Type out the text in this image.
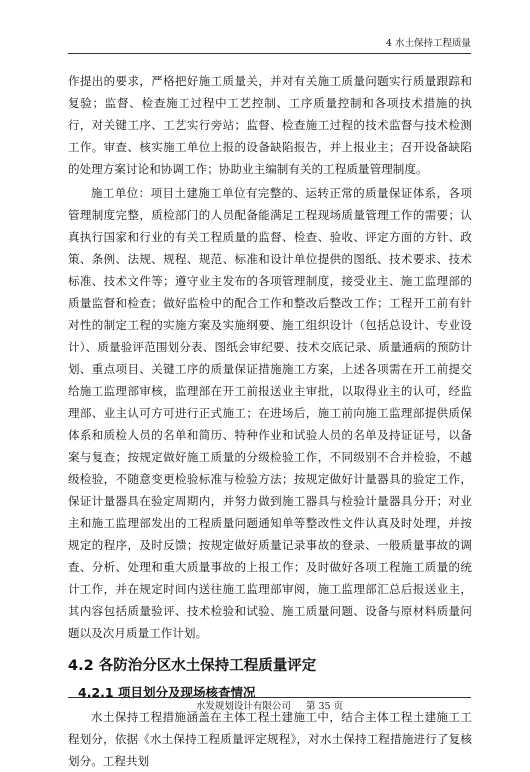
4 水土保持工程质量

作提出的要求，严格把好施工质量关，并对有关施工质量问题实行质量跟踪和复验；监督、检查施工过程中工艺控制、工序质量控制和各项技术措施的执行，对关键工序、工艺实行旁站；监督、检查施工过程的技术监督与技术检测工作。审查、核实施工单位上报的设备缺陷报告，并上报业主；召开设备缺陷的处理方案讨论和协调工作；协助业主编制有关的工程质量管理制度。

施工单位：项目土建施工单位有完整的、运转正常的质量保证体系，各项管理制度完整，质检部门的人员配备能满足工程现场质量管理工作的需要；认真执行国家和行业的有关工程质量的监督、检查、验收、评定方面的方针、政策、条例、法规、规程、规范、标准和设计单位提供的图纸、技术要求、技术标准、技术文件等；遵守业主发布的各项管理制度，接受业主、施工监理部的质量监督和检查；做好监检中的配合工作和整改后整改工作；工程开工前有针对性的制定工程的实施方案及实施纲要、施工组织设计（包括总设计、专业设计）、质量验评范围划分表、图纸会审纪要、技术交底记录、质量通病的预防计划、重点项目、关键工序的质量保证措施施工方案，上述各项需在开工前提交给施工监理部审核，监理部在开工前报送业主审批，以取得业主的认可，经监理部、业主认可方可进行正式施工；在进场后，施工前向施工监理部提供质保体系和质检人员的名单和简历、特种作业和试验人员的名单及持证证号，以备案与复查；按规定做好施工质量的分级检验工作，不同级别不合并检验，不越级检验，不随意变更检验标准与检验方法；按规定做好计量器具的验定工作，保证计量器具在验定周期内，并努力做到施工器具与检验计量器具分开；对业主和施工监理部发出的工程质量问题通知单等整改性文件认真及时处理，并按规定的程序，及时反馈；按规定做好质量记录事故的登录、一般质量事故的调查、分析、处理和重大质量事故的上报工作；及时做好各项工程施工质量的统计工作，并在规定时间内送往施工监理部审阅，施工监理部汇总后报送业主，其内容包括质量验评、技术检验和试验、施工质量问题、设备与原材料质量问题以及次月质量工作计划。

4.2 各防治分区水土保持工程质量评定
4.2.1 项目划分及现场核查情况

水土保持工程措施涵盖在主体工程土建施工中，结合主体工程土建施工工程划分，依据《水土保持工程质量评定规程》，对水土保持工程措施进行了复核划分。工程共划

水发规划设计有限公司 第 35 页
